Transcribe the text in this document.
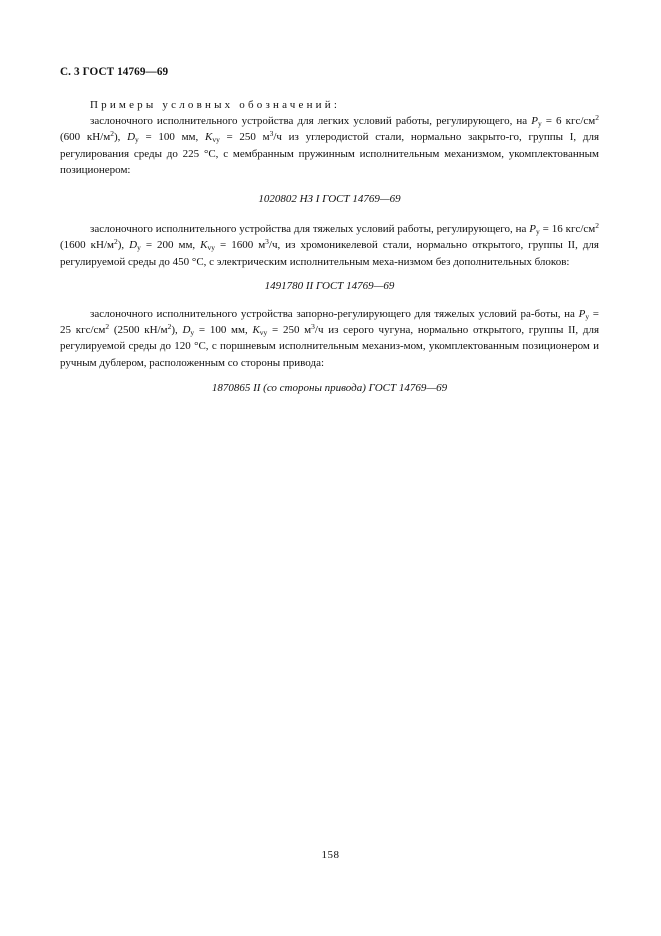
С. 3 ГОСТ 14769—69
Примеры условных обозначений:

заслоночного исполнительного устройства для легких условий работы, регулирующего, на $P_у = 6$ кгс/$см^2$ (600 $кН/м^2$), $D_у = 100$ мм, $K_{vу} = 250$ $м^3/ч$ из углеродистой стали, нормально закрыто-го, группы I, для регулирования среды до 225 °С, с мембранным пружинным исполнительным механизмом, укомплектованным позиционером:

1020802 НЗ I ГОСТ 14769—69

заслоночного исполнительного устройства для тяжелых условий работы, регулирующего, на $P_у = 16$ кгс/$см^2$ (1600 $кН/м^2$), $D_у = 200$ мм, $K_{vу} = 1600$ $м^3/ч$, из хромоникелевой стали, нормально открытого, группы II, для регулируемой среды до 450 °С, с электрическим исполнительным меха-низмом без дополнительных блоков:

1491780 II ГОСТ 14769—69

заслоночного исполнительного устройства запорно-регулирующего для тяжелых условий ра-боты, на $P_у = 25$ кгс/$см^2$ (2500 $кН/м^2$), $D_у = 100$ мм, $K_{vу} = 250$ $м^3/ч$ из серого чугуна, нормально открытого, группы II, для регулируемой среды до 120 °С, с поршневым исполнительным механиз-мом, укомплектованным позиционером и ручным дублером, расположенным со стороны привода:

1870865 II (со стороны привода) ГОСТ 14769—69
158
